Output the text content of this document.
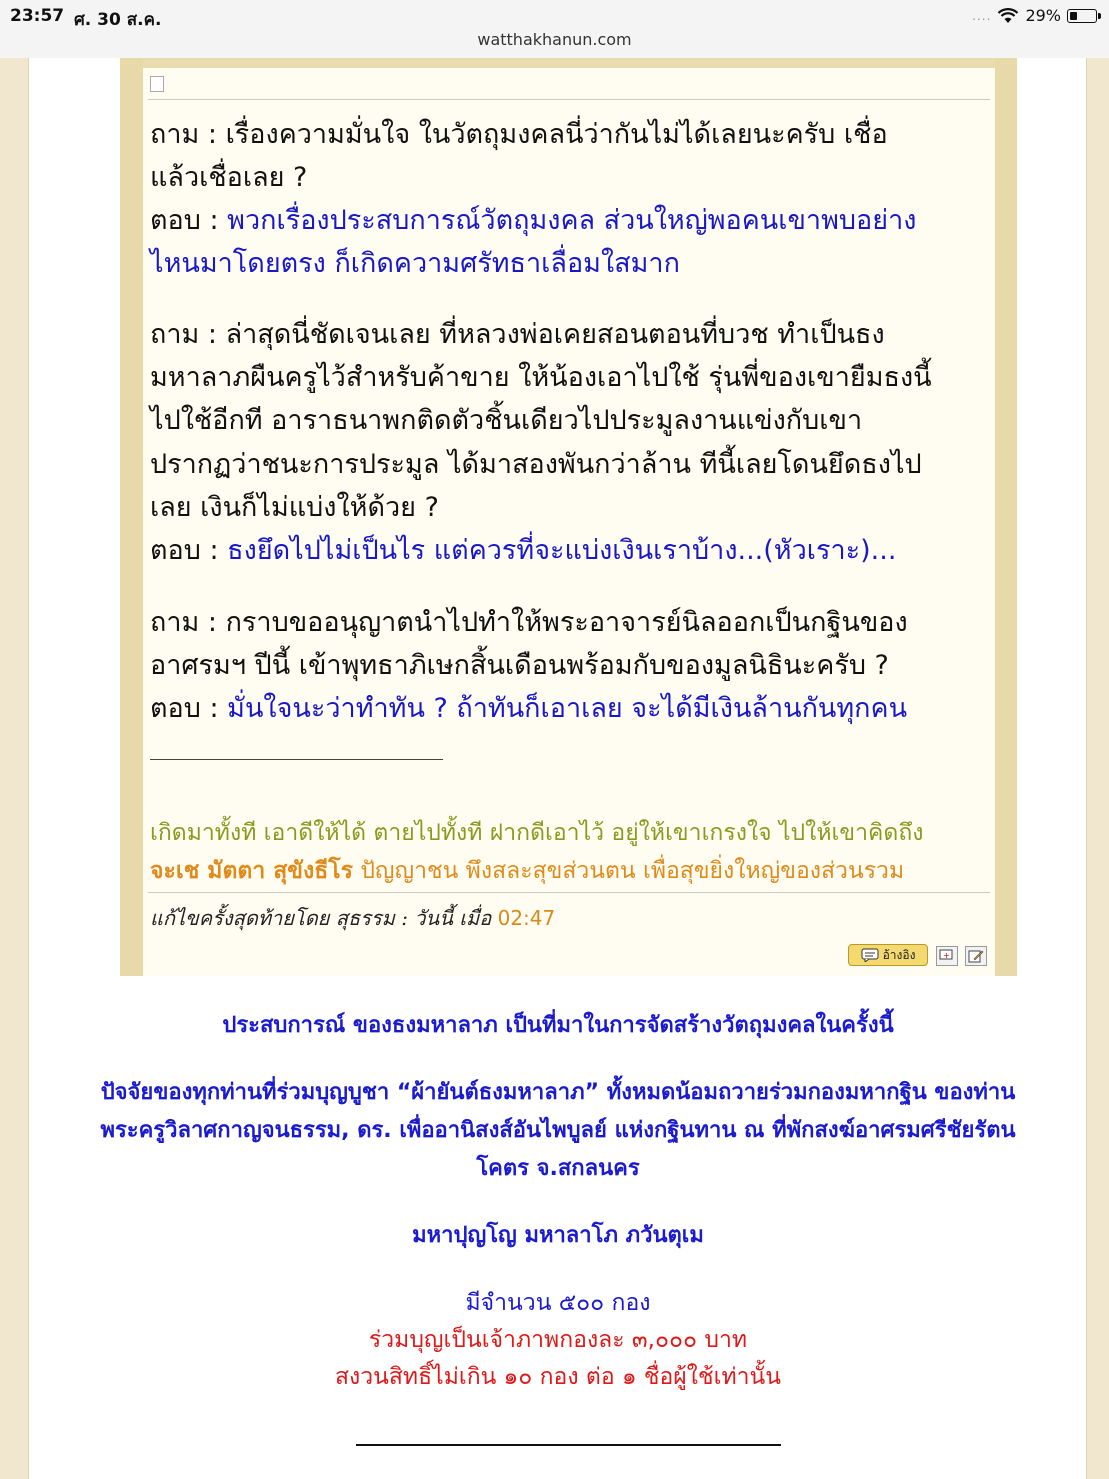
23:57 ศ. 30 ส.ค.
watthakhanun.com
.... 29%
ถาม : เรื่องความมั่นใจ ในวัตถุมงคลนี่ว่ากันไม่ได้เลยนะครับ เชื่อ
แล้วเชื่อเลย ?
ตอบ : พวกเรื่องประสบการณ์วัตถุมงคล ส่วนใหญ่พอคนเขาพบอย่าง
ไหนมาโดยตรง ก็เกิดความศรัทธาเลื่อมใสมาก
ถาม : ล่าสุดนี่ชัดเจนเลย ที่หลวงพ่อเคยสอนตอนที่บวช ทำเป็นธง
มหาลาภผืนครูไว้สำหรับค้าขาย ให้น้องเอาไปใช้ รุ่นพี่ของเขายืมธงนี้
ไปใช้อีกที อาราธนาพกติดตัวชิ้นเดียวไปประมูลงานแข่งกับเขา
ปรากฏว่าชนะการประมูล ได้มาสองพันกว่าล้าน ทีนี้เลยโดนยึดธงไป
เลย เงินก็ไม่แบ่งให้ด้วย ?
ตอบ : ธงยึดไปไม่เป็นไร แต่ควรที่จะแบ่งเงินเราบ้าง...(หัวเราะ)...
ถาม : กราบขออนุญาตนำไปทำให้พระอาจารย์นิลออกเป็นกฐินของ
อาศรมฯ ปีนี้ เข้าพุทธาภิเษกสิ้นเดือนพร้อมกับของมูลนิธินะครับ ?
ตอบ : มั่นใจนะว่าทำทัน ? ถ้าทันก็เอาเลย จะได้มีเงินล้านกันทุกคน
เกิดมาทั้งที เอาดีให้ได้ ตายไปทั้งที ฝากดีเอาไว้ อยู่ให้เขาเกรงใจ ไปให้เขาคิดถึง
จะเช มัตตา สุขังธีโร ปัญญาชน พึงสละสุขส่วนตน เพื่อสุขยิ่งใหญ่ของส่วนรวม
แก้ไขครั้งสุดท้ายโดย สุธรรม : วันนี้ เมื่อ 02:47
อ้างอิง	+
ประสบการณ์ ของธงมหาลาภ เป็นที่มาในการจัดสร้างวัตถุมงคลในครั้งนี้
ปัจจัยของทุกท่านที่ร่วมบุญบูชา “ผ้ายันต์ธงมหาลาภ” ทั้งหมดน้อมถวายร่วมกองมหากฐิน ของท่าน
พระครูวิลาศกาญจนธรรม, ดร. เพื่ออานิสงส์อันไพบูลย์ แห่งกฐินทาน ณ ที่พักสงฆ์อาศรมศรีชัยรัตน
โคตร จ.สกลนคร
มหาปุญโญ มหาลาโภ ภวันตุเม
มีจำนวน ๕๐๐ กอง
ร่วมบุญเป็นเจ้าภาพกองละ ๓,๐๐๐ บาท
สงวนสิทธิ์ไม่เกิน ๑๐ กอง ต่อ ๑ ชื่อผู้ใช้เท่านั้น
